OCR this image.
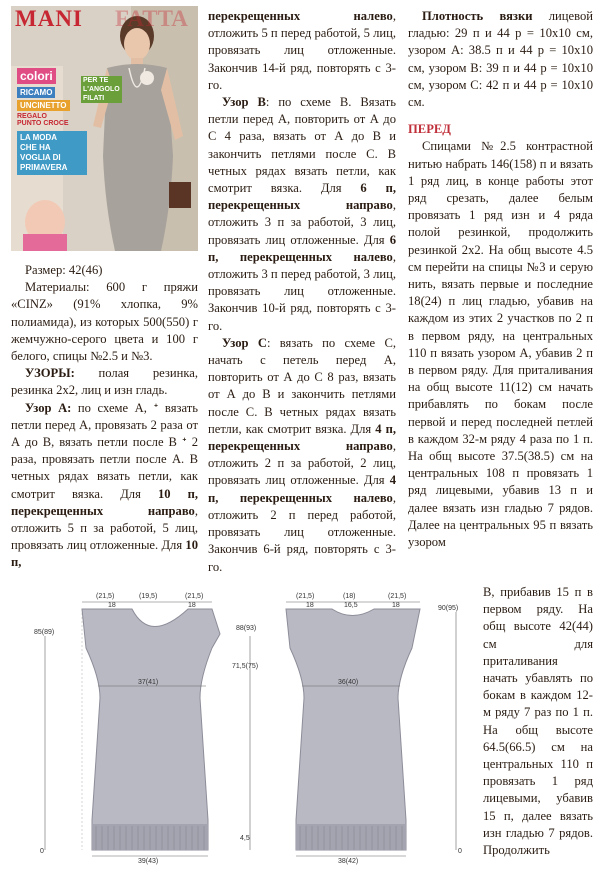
MANI FATTA
colori
RICAMO
UNCINETTO
REGALO
PUNTO CROCE
LA MODA
CHE HA
VOGLIA DI
PRIMAVERA
PER TE
L'ANGOLO
FILATI

Размер: 42(46)

Материалы: 600 г пряжи «CINZ» (91% хлопка, 9% полиамида), из которых 500(550) г жемчужно-серого цвета и 100 г белого, спицы №2.5 и №3.

УЗОРЫ: полая резинка, резинка 2х2, лиц и изн гладь.

Узор А: по схеме А, ᐩ вязать петли перед А, провязать 2 раза от А до В, вязать петли после В ᐩ 2 раза, провязать петли после А. В четных рядах вязать петли, как смотрит вязка. Для 10 п, перекрещенных направо, отложить 5 п за работой, 5 лиц, провязать лиц отложенные. Для 10 п,

перекрещенных налево, отложить 5 п перед работой, 5 лиц, провязать лиц отложенные. Закончив 14-й ряд, повторять с 3-го.

Узор В: по схеме В. Вязать петли перед А, повторить от А до С 4 раза, вязать от А до В и закончить петлями после С. В четных рядах вязать петли, как смотрит вязка. Для 6 п, перекрещенных направо, отложить 3 п за работой, 3 лиц, провязать лиц отложенные. Для 6 п, перекрещенных налево, отложить 3 п перед работой, 3 лиц, провязать лиц отложенные. Закончив 10-й ряд, повторять с 3-го.

Узор С: вязать по схеме С, начать с петель перед А, повторить от А до С 8 раз, вязать от А до В и закончить петлями после С. В четных рядах вязать петли, как смотрит вязка. Для 4 п, перекрещенных направо, отложить 2 п за работой, 2 лиц, провязать лиц отложенные. Для 4 п, перекрещенных налево, отложить 2 п перед работой, провязать лиц отложенные. Закончив 6-й ряд, повторять с 3-го.

Плотность вязки лицевой гладью: 29 п и 44 р = 10х10 см, узором А: 38.5 п и 44 р = 10х10 см, узором В: 39 п и 44 р = 10х10 см, узором С: 42 п и 44 р = 10х10 см.

ПЕРЕД

Спицами №2.5 контрастной нитью набрать 146(158) п и вязать 1 ряд лиц, в конце работы этот ряд срезать, далее белым провязать 1 ряд изн и 4 ряда полой резинкой, продолжить резинкой 2х2. На общ высоте 4.5 см перейти на спицы №3 и серую нить, вязать первые и последние 18(24) п лиц гладью, убавив на каждом из этих 2 участков по 2 п в первом ряду, на центральных 110 п вязать узором А, убавив 2 п в первом ряду. Для приталивания на общ высоте 11(12) см начать прибавлять по бокам после первой и перед последней петлей в каждом 32-м ряду 4 раза по 1 п. На общ высоте 37.5(38.5) см на центральных 108 п провязать 1 ряд лицевыми, убавив 13 п и далее вязать изн гладью 7 рядов. Далее на центральных 95 п вязать узором

В, прибавив 15 п в первом ряду. На общ высоте 42(44) см для приталивания начать убавлять по бокам в каждом 12-м ряду 7 раз по 1 п. На общ высоте 64.5(66.5) см на центральных 110 п провязать 1 ряд лицевыми, убавив 15 п, далее вязать изн гладью 7 рядов. Продолжить

(21,5)	(19,5)	(21,5)
18	18
85(89)
88(93)
37(41)
39(43)
0
71,5(75)
4,5
(21,5)	(18)	(21,5)
18	16,5	18	90(95)
36(40)
38(42)
0
